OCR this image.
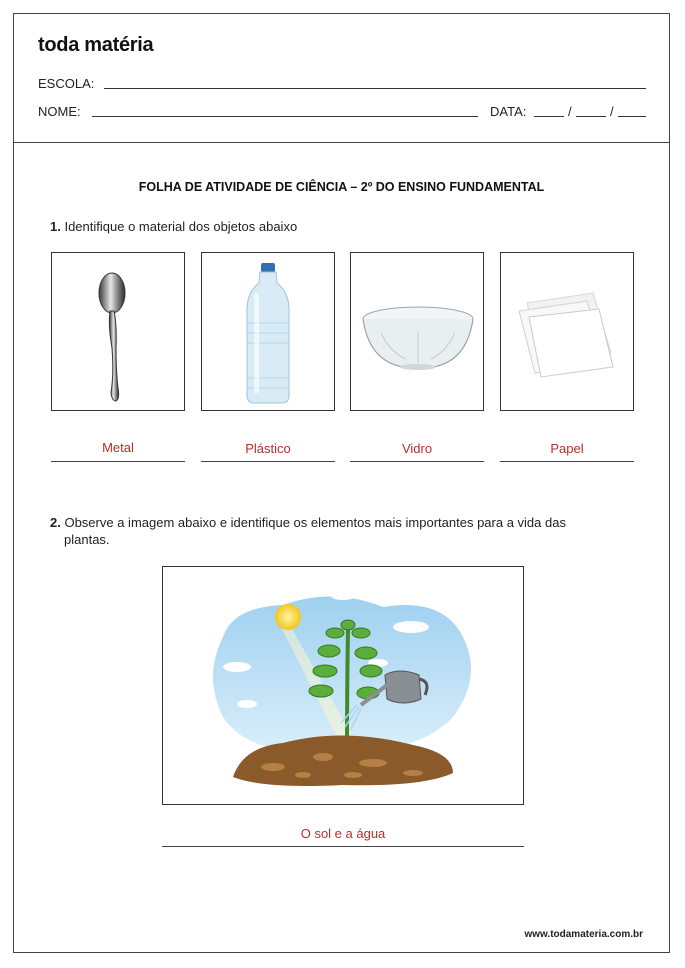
toda matéria
ESCOLA:
NOME:	DATA:	/	/
FOLHA DE ATIVIDADE DE CIÊNCIA – 2º DO ENSINO FUNDAMENTAL
1. Identifique o material dos objetos abaixo
Metal	Plástico	Vidro	Papel
2. Observe a imagem abaixo e identifique os elementos mais importantes para a vida das
plantas.
O sol e a água
www.todamateria.com.br
